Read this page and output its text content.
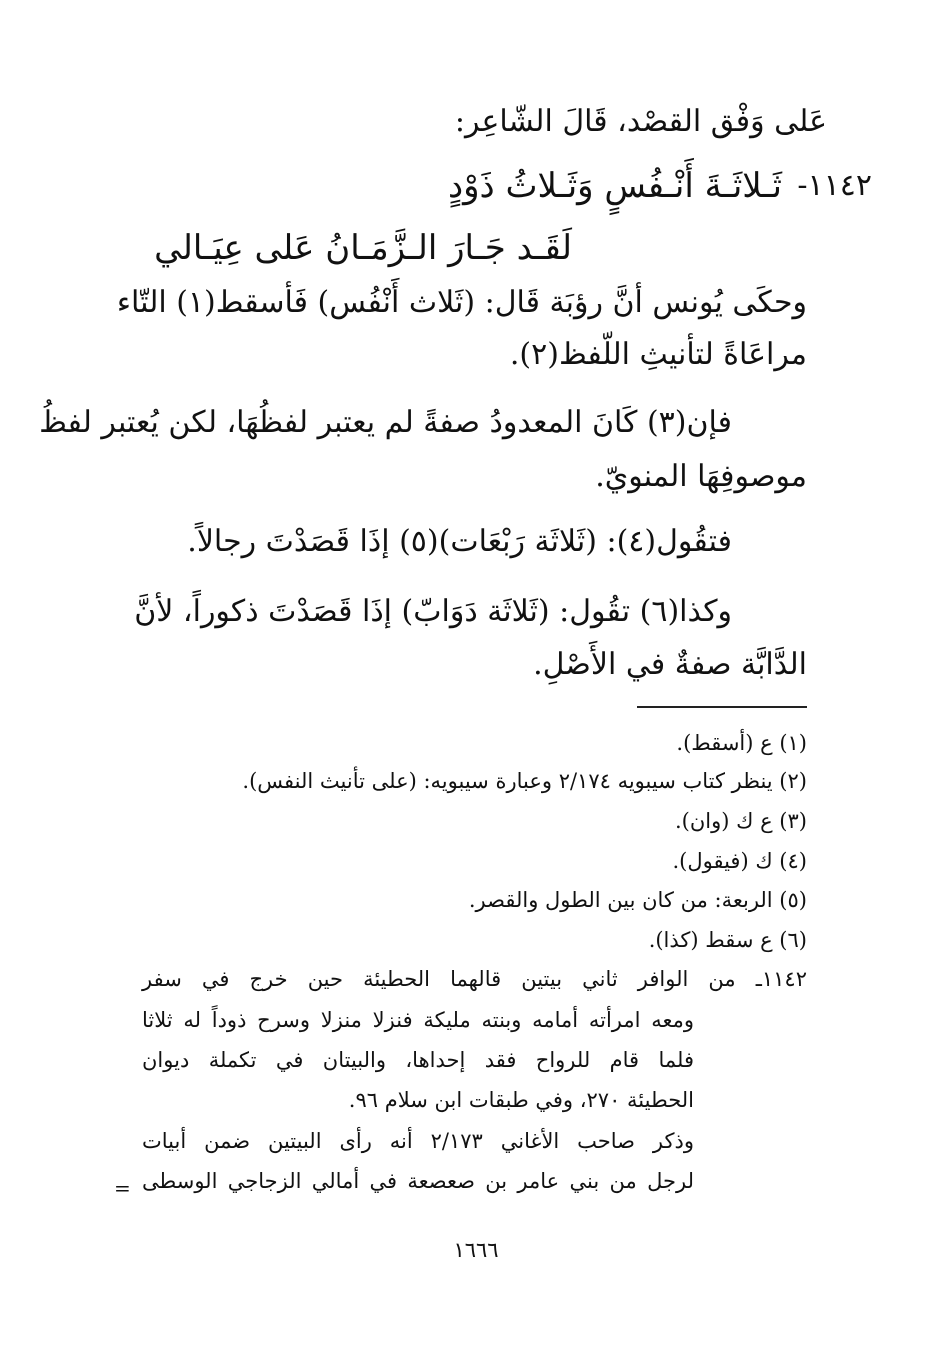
عَلى وَفْق القصْد، قَالَ الشّاعِر:
١١٤٢-
ثَـلاثَـةَ أَنْـفُسٍ وَثَـلاثُ ذَوْدٍ
لَقَـد جَـارَ الـزَّمَـانُ عَلى عِيَـالي
وحكَى يُونس أنَّ رؤبَة قَال: (ثَلاث أَنْفُس) فَأسقط(١) التّاء
مراعَاةً لتأنيثِ اللّفظ(٢).
فإن(٣) كَانَ المعدودُ صفةً لم يعتبر لفظُهَا، لكن يُعتبر لفظُ
موصوفِهَا المنويّ.
فتقُول(٤): (ثَلاثَة رَبْعَات)(٥) إذَا قَصَدْتَ رجالاً.
وكذا(٦) تقُول: (ثَلاثَة دَوَابّ) إذَا قَصَدْتَ ذكوراً، لأنَّ
الدَّابَّة صفةٌ في الأَصْلِ.
(١) ع (أسقط).
(٢) ينظر كتاب سيبويه ٢/١٧٤ وعبارة سيبويه: (على تأنيث النفس).
(٣) ع ك (وان).
(٤) ك (فيقول).
(٥) الربعة: من كان بين الطول والقصر.
(٦) ع سقط (كذا).
١١٤٢ـ من الوافر ثاني بيتين قالهما الحطيئة حين خرج في سفر
ومعه امرأته أمامه وبنته مليكة فنزلا منزلا وسرح ذوداً له ثلاثا
فلما قام للرواح فقد إحداها، والبيتان في تكملة ديوان
الحطيئة ٢٧٠، وفي طبقات ابن سلام ٩٦.
وذكر صاحب الأغاني ٢/١٧٣ أنه رأى البيتين ضمن أبيات
لرجل من بني عامر بن صعصعة في أمالي الزجاجي الوسطى
=
١٦٦٦
